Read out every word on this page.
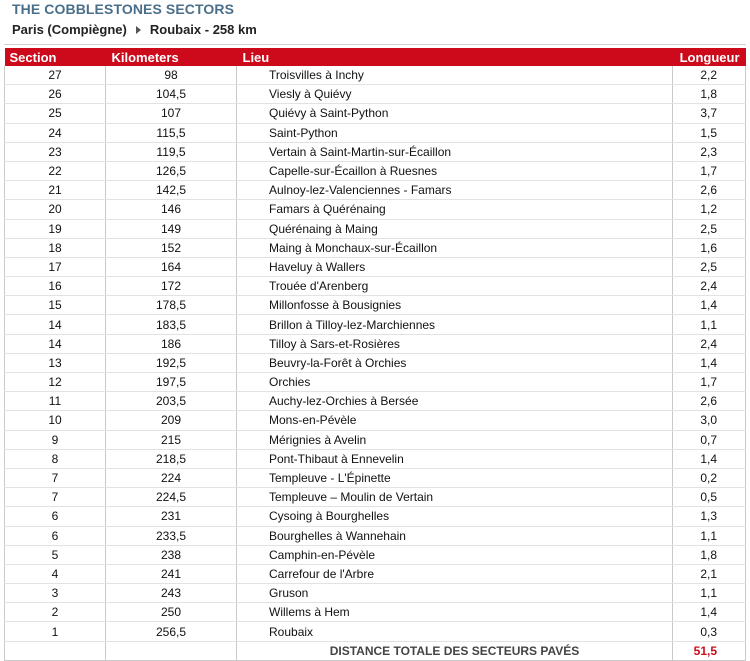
THE COBBLESTONES SECTORS
Paris (Compiègne) Roubaix - 258 km
Section	Kilometers	Lieu	Longueur
27	98	Troisvilles à Inchy	2,2
26	104,5	Viesly à Quiévy	1,8
25	107	Quiévy à Saint-Python	3,7
24	115,5	Saint-Python	1,5
23	119,5	Vertain à Saint-Martin-sur-Écaillon	2,3
22	126,5	Capelle-sur-Écaillon à Ruesnes	1,7
21	142,5	Aulnoy-lez-Valenciennes - Famars	2,6
20	146	Famars à Quérénaing	1,2
19	149	Quérénaing à Maing	2,5
18	152	Maing à Monchaux-sur-Écaillon	1,6
17	164	Haveluy à Wallers	2,5
16	172	Trouée d'Arenberg	2,4
15	178,5	Millonfosse à Bousignies	1,4
14	183,5	Brillon à Tilloy-lez-Marchiennes	1,1
14	186	Tilloy à Sars-et-Rosières	2,4
13	192,5	Beuvry-la-Forêt à Orchies	1,4
12	197,5	Orchies	1,7
11	203,5	Auchy-lez-Orchies à Bersée	2,6
10	209	Mons-en-Pévèle	3,0
9	215	Mérignies à Avelin	0,7
8	218,5	Pont-Thibaut à Ennevelin	1,4
7	224	Templeuve - L'Épinette	0,2
7	224,5	Templeuve – Moulin de Vertain	0,5
6	231	Cysoing à Bourghelles	1,3
6	233,5	Bourghelles à Wannehain	1,1
5	238	Camphin-en-Pévèle	1,8
4	241	Carrefour de l'Arbre	2,1
3	243	Gruson	1,1
2	250	Willems à Hem	1,4
1	256,5	Roubaix	0,3
		DISTANCE TOTALE DES SECTEURS PAVÉS	51,5
